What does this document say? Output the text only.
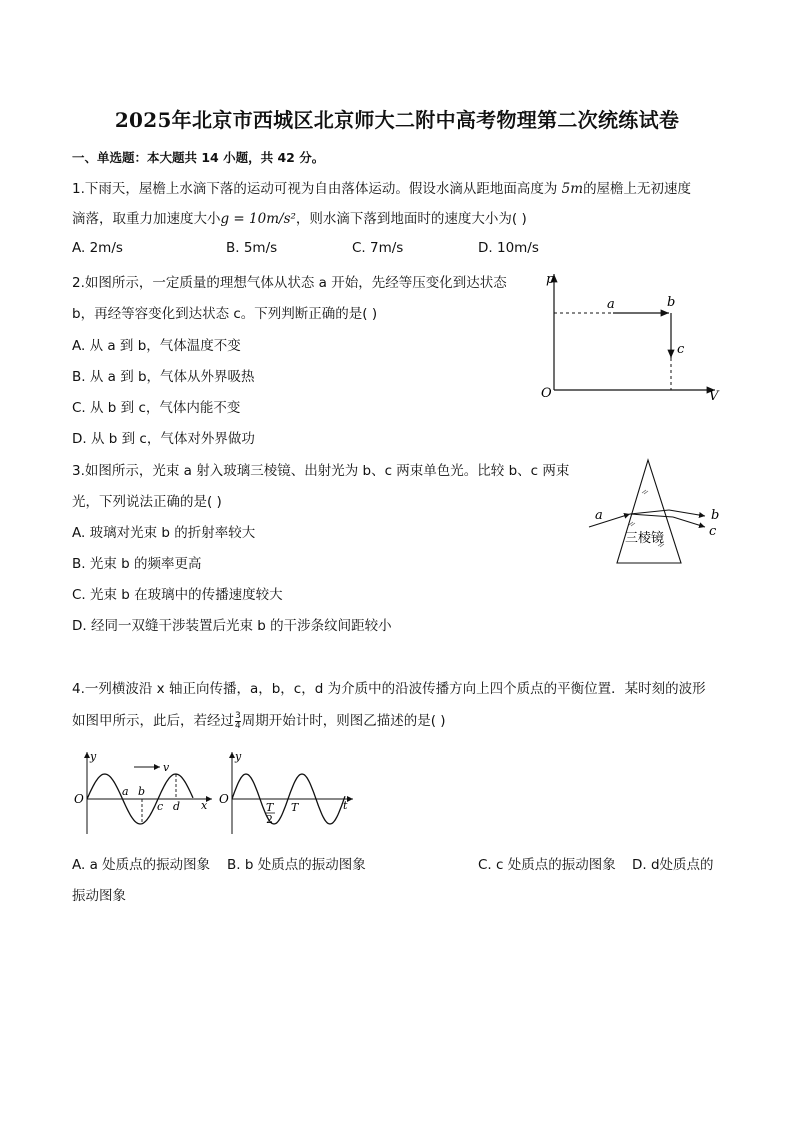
2025年北京市西城区北京师大二附中高考物理第二次统练试卷
一、单选题：本大题共 14 小题，共 42 分。
1.下雨天，屋檐上水滴下落的运动可视为自由落体运动。假设水滴从距地面高度为 5m的屋檐上无初速度
滴落，取重力加速度大小g = 10m/s²，则水滴下落到地面时的速度大小为( )
A. 2m/s	B. 5m/s	C. 7m/s	D. 10m/s
2.如图所示，一定质量的理想气体从状态 a 开始，先经等压变化到达状态
b，再经等容变化到达状态 c。下列判断正确的是( )
A. 从 a 到 b，气体温度不变
B. 从 a 到 b，气体从外界吸热
C. 从 b 到 c，气体内能不变
D. 从 b 到 c，气体对外界做功
p
V
O
a	b
c
3.如图所示，光束 a 射入玻璃三棱镜、出射光为 b、c 两束单色光。比较 b、c 两束
光，下列说法正确的是( )
A. 玻璃对光束 b 的折射率较大
B. 光束 b 的频率更高
C. 光束 b 在玻璃中的传播速度较大
D. 经同一双缝干涉装置后光束 b 的干涉条纹间距较小
a	b
c
三棱镜
4.一列横波沿 x 轴正向传播，a，b，c，d 为介质中的沿波传播方向上四个质点的平衡位置．某时刻的波形
如图甲所示，此后，若经过 $\frac{3}{4}$ 周期开始计时，则图乙描述的是( )
y
O	x
v
a b
c d
y
O	t
T
2
T
A. a 处质点的振动图象 B. b 处质点的振动图象	C. c 处质点的振动图象 D. d处质点的
振动图象
